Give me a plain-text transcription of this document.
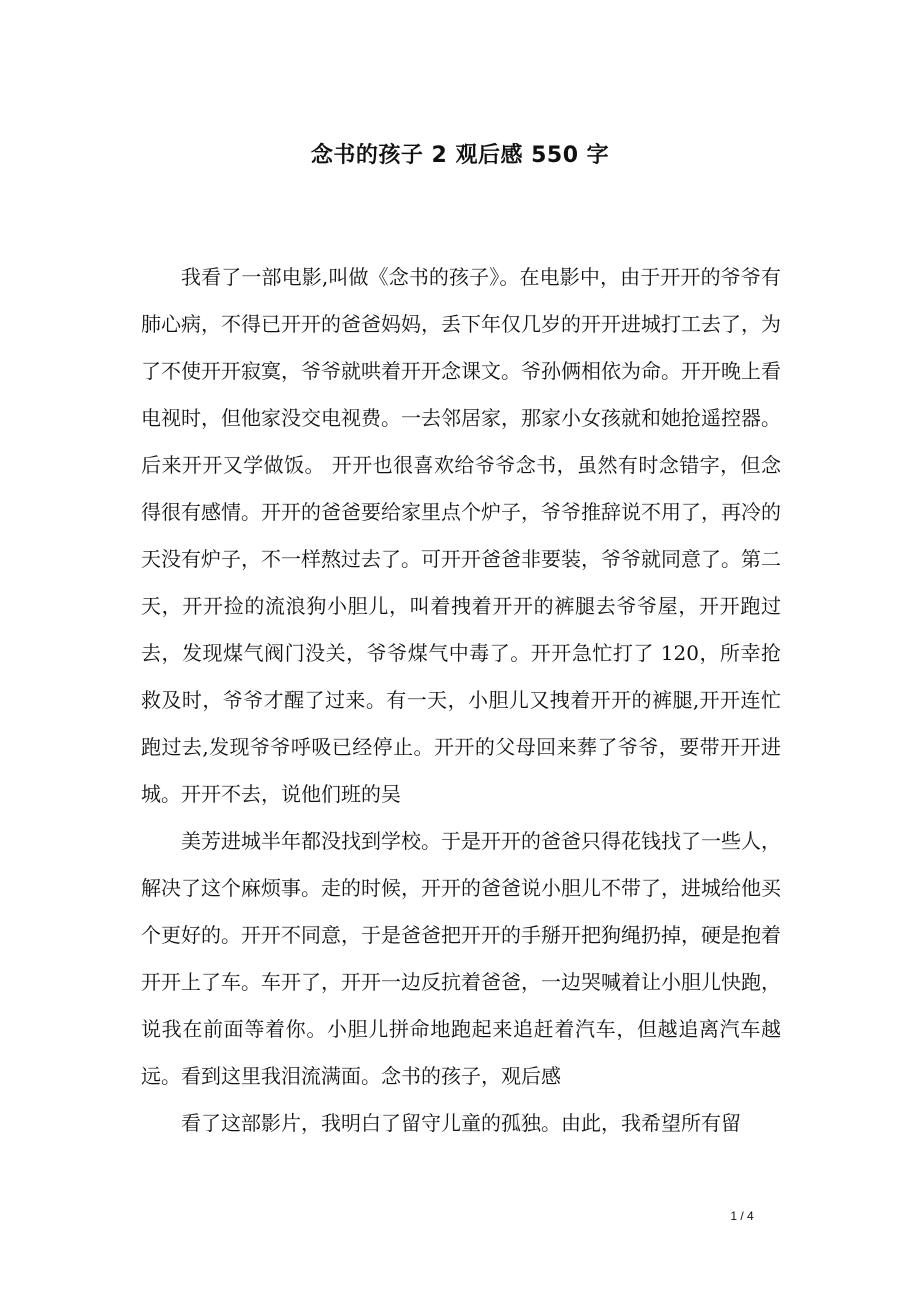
念书的孩子 2 观后感 550 字

我看了一部电影,叫做《念书的孩子》。在电影中，由于开开的爷爷有肺心病，不得已开开的爸爸妈妈，丢下年仅几岁的开开进城打工去了，为了不使开开寂寞，爷爷就哄着开开念课文。爷孙俩相依为命。开开晚上看电视时，但他家没交电视费。一去邻居家，那家小女孩就和她抢遥控器。后来开开又学做饭。 开开也很喜欢给爷爷念书，虽然有时念错字，但念得很有感情。开开的爸爸要给家里点个炉子，爷爷推辞说不用了，再冷的天没有炉子，不一样熬过去了。可开开爸爸非要装，爷爷就同意了。第二天，开开捡的流浪狗小胆儿，叫着拽着开开的裤腿去爷爷屋，开开跑过去，发现煤气阀门没关，爷爷煤气中毒了。开开急忙打了 120，所幸抢救及时，爷爷才醒了过来。有一天，小胆儿又拽着开开的裤腿,开开连忙跑过去,发现爷爷呼吸已经停止。开开的父母回来葬了爷爷，要带开开进城。开开不去，说他们班的吴

美芳进城半年都没找到学校。于是开开的爸爸只得花钱找了一些人，解决了这个麻烦事。走的时候，开开的爸爸说小胆儿不带了，进城给他买个更好的。开开不同意，于是爸爸把开开的手掰开把狗绳扔掉，硬是抱着开开上了车。车开了，开开一边反抗着爸爸，一边哭喊着让小胆儿快跑，说我在前面等着你。小胆儿拼命地跑起来追赶着汽车，但越追离汽车越远。看到这里我泪流满面。念书的孩子，观后感

看了这部影片，我明白了留守儿童的孤独。由此，我希望所有留

1 / 4
